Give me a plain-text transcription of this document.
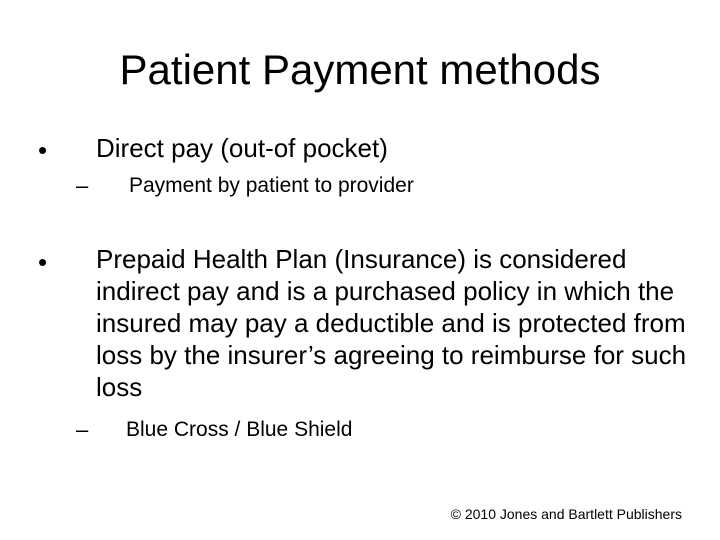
Patient Payment methods
• Direct pay (out-of pocket)
– Payment by patient to provider
• Prepaid Health Plan (Insurance) is considered indirect pay and is a purchased policy in which the insured may pay a deductible and is protected from loss by the insurer’s agreeing to reimburse for such loss
– Blue Cross / Blue Shield
© 2010 Jones and Bartlett Publishers
